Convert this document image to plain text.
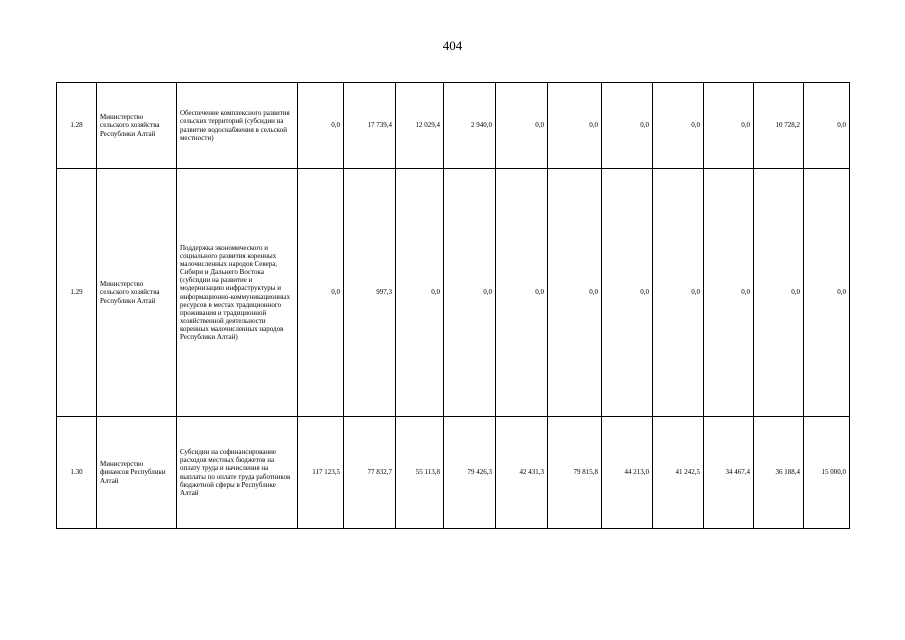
404
1.28	Министерство сельского хозяйства Республики Алтай	Обеспечение комплексного развития сельских территорий (субсидии на развитие водоснабжения в сельской местности)	0,0	17 739,4	12 029,4	2 940,0	0,0	0,0	0,0	0,0	0,0	10 728,2	0,0
1.29	Министерство сельского хозяйства Республики Алтай	Поддержка экономического и социального развития коренных малочисленных народов Севера, Сибири и Дальнего Востока (субсидии на развитие и модернизацию инфраструктуры и информационно-коммуникационных ресурсов в местах традиционного проживания и традиционной хозяйственной деятельности коренных малочисленных народов Республики Алтай)	0,0	997,3	0,0	0,0	0,0	0,0	0,0	0,0	0,0	0,0	0,0
1.30	Министерство финансов Республики Алтай	Субсидии на софинансирование расходов местных бюджетов на оплату труда и начисления на выплаты по оплате труда работников бюджетной сферы в Республике Алтай	117 123,5	77 832,7	55 113,8	79 426,3	42 431,3	79 815,8	44 213,0	41 242,5	34 467,4	36 188,4	15 000,0
